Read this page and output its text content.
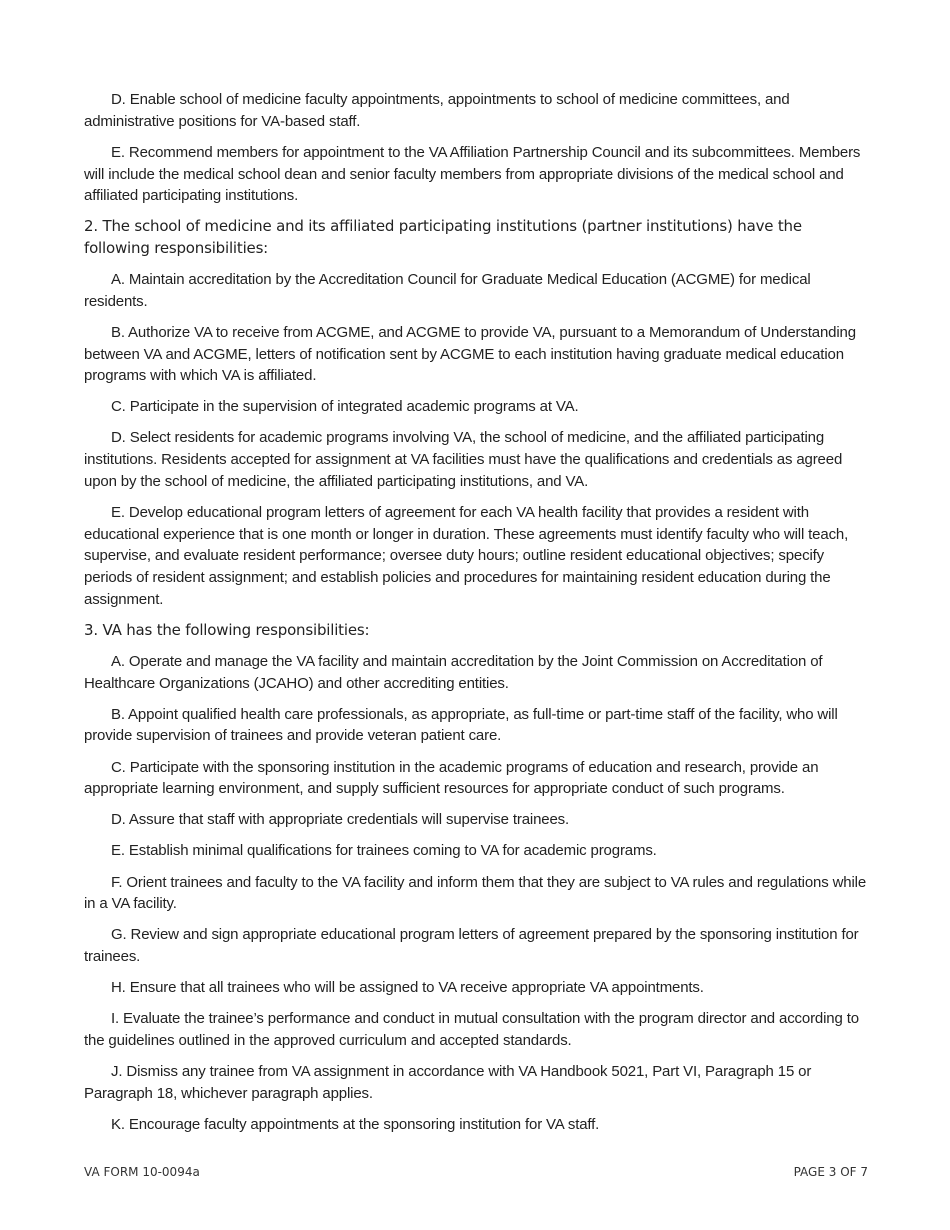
D. Enable school of medicine faculty appointments, appointments to school of medicine committees, and administrative positions for VA-based staff.

E. Recommend members for appointment to the VA Affiliation Partnership Council and its subcommittees. Members will include the medical school dean and senior faculty members from appropriate divisions of the medical school and affiliated participating institutions.

2. The school of medicine and its affiliated participating institutions (partner institutions) have the following responsibilities:

A. Maintain accreditation by the Accreditation Council for Graduate Medical Education (ACGME) for medical residents.

B. Authorize VA to receive from ACGME, and ACGME to provide VA, pursuant to a Memorandum of Understanding between VA and ACGME, letters of notification sent by ACGME to each institution having graduate medical education programs with which VA is affiliated.

C. Participate in the supervision of integrated academic programs at VA.

D. Select residents for academic programs involving VA, the school of medicine, and the affiliated participating institutions. Residents accepted for assignment at VA facilities must have the qualifications and credentials as agreed upon by the school of medicine, the affiliated participating institutions, and VA.

E. Develop educational program letters of agreement for each VA health facility that provides a resident with educational experience that is one month or longer in duration. These agreements must identify faculty who will teach, supervise, and evaluate resident performance; oversee duty hours; outline resident educational objectives; specify periods of resident assignment; and establish policies and procedures for maintaining resident education during the assignment.

3. VA has the following responsibilities:

A. Operate and manage the VA facility and maintain accreditation by the Joint Commission on Accreditation of Healthcare Organizations (JCAHO) and other accrediting entities.

B. Appoint qualified health care professionals, as appropriate, as full-time or part-time staff of the facility, who will provide supervision of trainees and provide veteran patient care.

C. Participate with the sponsoring institution in the academic programs of education and research, provide an appropriate learning environment, and supply sufficient resources for appropriate conduct of such programs.

D. Assure that staff with appropriate credentials will supervise trainees.

E. Establish minimal qualifications for trainees coming to VA for academic programs.

F. Orient trainees and faculty to the VA facility and inform them that they are subject to VA rules and regulations while in a VA facility.

G. Review and sign appropriate educational program letters of agreement prepared by the sponsoring institution for trainees.

H. Ensure that all trainees who will be assigned to VA receive appropriate VA appointments.

I. Evaluate the trainee’s performance and conduct in mutual consultation with the program director and according to the guidelines outlined in the approved curriculum and accepted standards.

J. Dismiss any trainee from VA assignment in accordance with VA Handbook 5021, Part VI, Paragraph 15 or Paragraph 18, whichever paragraph applies.

K. Encourage faculty appointments at the sponsoring institution for VA staff.

VA FORM 10-0094a	PAGE 3 OF 7
